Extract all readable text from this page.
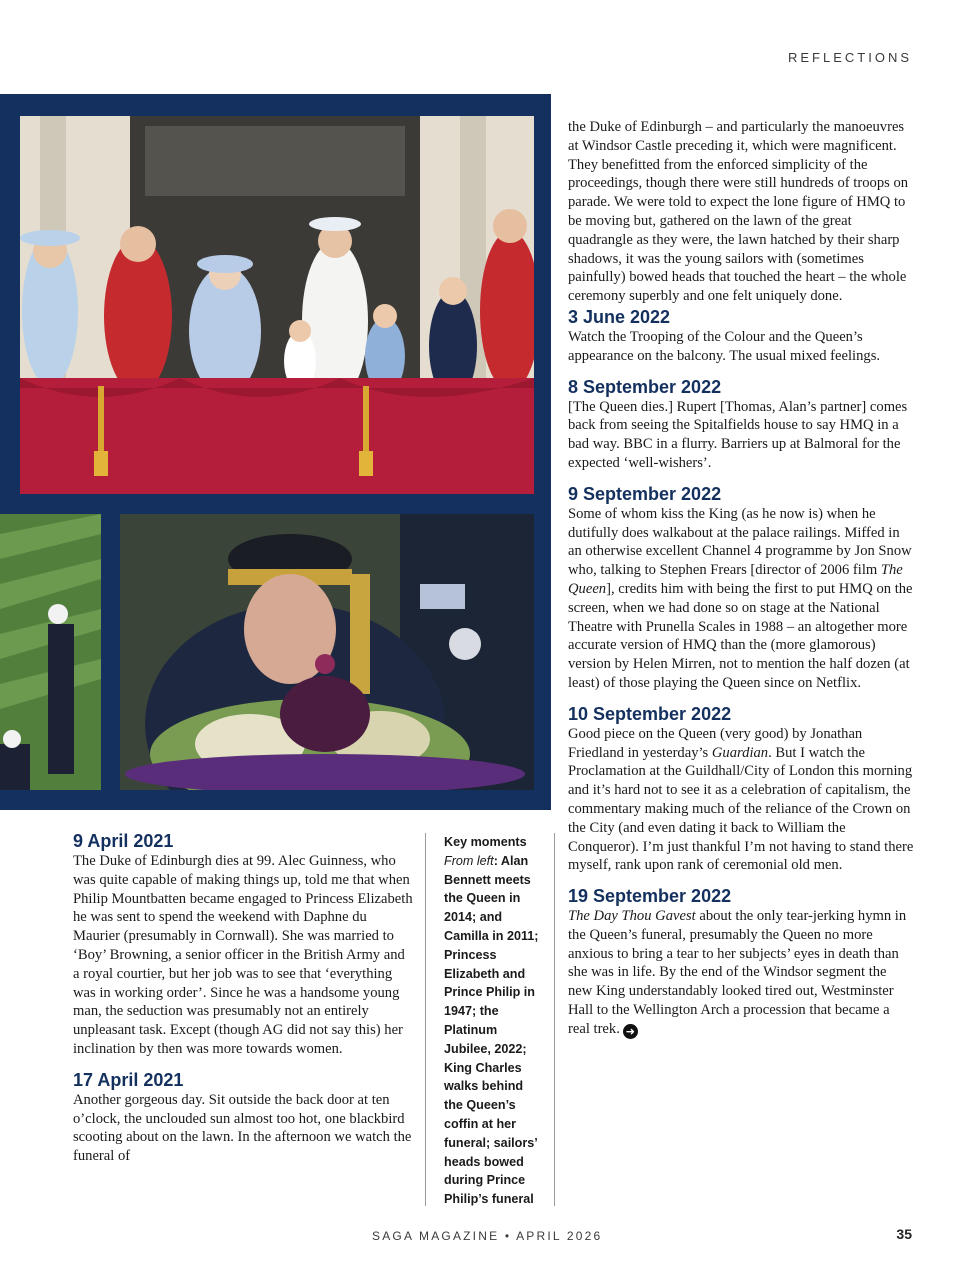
REFLECTIONS

the Duke of Edinburgh – and particularly the manoeuvres at Windsor Castle preceding it, which were magnificent. They benefitted from the enforced simplicity of the proceedings, though there were still hundreds of troops on parade. We were told to expect the lone figure of HMQ to be moving but, gathered on the lawn of the great quadrangle as they were, the lawn hatched by their sharp shadows, it was the young sailors with (sometimes painfully) bowed heads that touched the heart – the whole ceremony superbly and one felt uniquely done.

3 June 2022

Watch the Trooping of the Colour and the Queen’s appearance on the balcony. The usual mixed feelings.

8 September 2022

[The Queen dies.] Rupert [Thomas, Alan’s partner] comes back from seeing the Spitalfields house to say HMQ in a bad way. BBC in a flurry. Barriers up at Balmoral for the expected ‘well-wishers’.

9 September 2022

Some of whom kiss the King (as he now is) when he dutifully does walkabout at the palace railings. Miffed in an otherwise excellent Channel 4 programme by Jon Snow who, talking to Stephen Frears [director of 2006 film The Queen], credits him with being the first to put HMQ on the screen, when we had done so on stage at the National Theatre with Prunella Scales in 1988 – an altogether more accurate version of HMQ than the (more glamorous) version by Helen Mirren, not to mention the half dozen (at least) of those playing the Queen since on Netflix.

10 September 2022

Good piece on the Queen (very good) by Jonathan Friedland in yesterday’s Guardian. But I watch the Proclamation at the Guildhall/City of London this morning and it’s hard not to see it as a celebration of capitalism, the commentary making much of the reliance of the Crown on the City (and even dating it back to William the Conqueror). I’m just thankful I’m not having to stand there myself, rank upon rank of ceremonial old men.

19 September 2022

The Day Thou Gavest about the only tear-jerking hymn in the Queen’s funeral, presumably the Queen no more anxious to bring a tear to her subjects’ eyes in death than she was in life. By the end of the Windsor segment the new King understandably looked tired out, Westminster Hall to the Wellington Arch a procession that became a real trek. ➜

9 April 2021

The Duke of Edinburgh dies at 99. Alec Guinness, who was quite capable of making things up, told me that when Philip Mountbatten became engaged to Princess Elizabeth he was sent to spend the weekend with Daphne du Maurier (presumably in Cornwall). She was married to ‘Boy’ Browning, a senior officer in the British Army and a royal courtier, but her job was to see that ‘everything was in working order’. Since he was a handsome young man, the seduction was presumably not an entirely unpleasant task. Except (though AG did not say this) her inclination by then was more towards women.

17 April 2021

Another gorgeous day. Sit outside the back door at ten o’clock, the unclouded sun almost too hot, one blackbird scooting about on the lawn. In the afternoon we watch the funeral of

Key moments
From left: Alan Bennett meets the Queen in 2014; and Camilla in 2011; Princess Elizabeth and Prince Philip in 1947; the Platinum Jubilee, 2022; King Charles walks behind the Queen’s coffin at her funeral; sailors’ heads bowed during Prince Philip’s funeral
SAGA MAGAZINE • APRIL 2026	35
